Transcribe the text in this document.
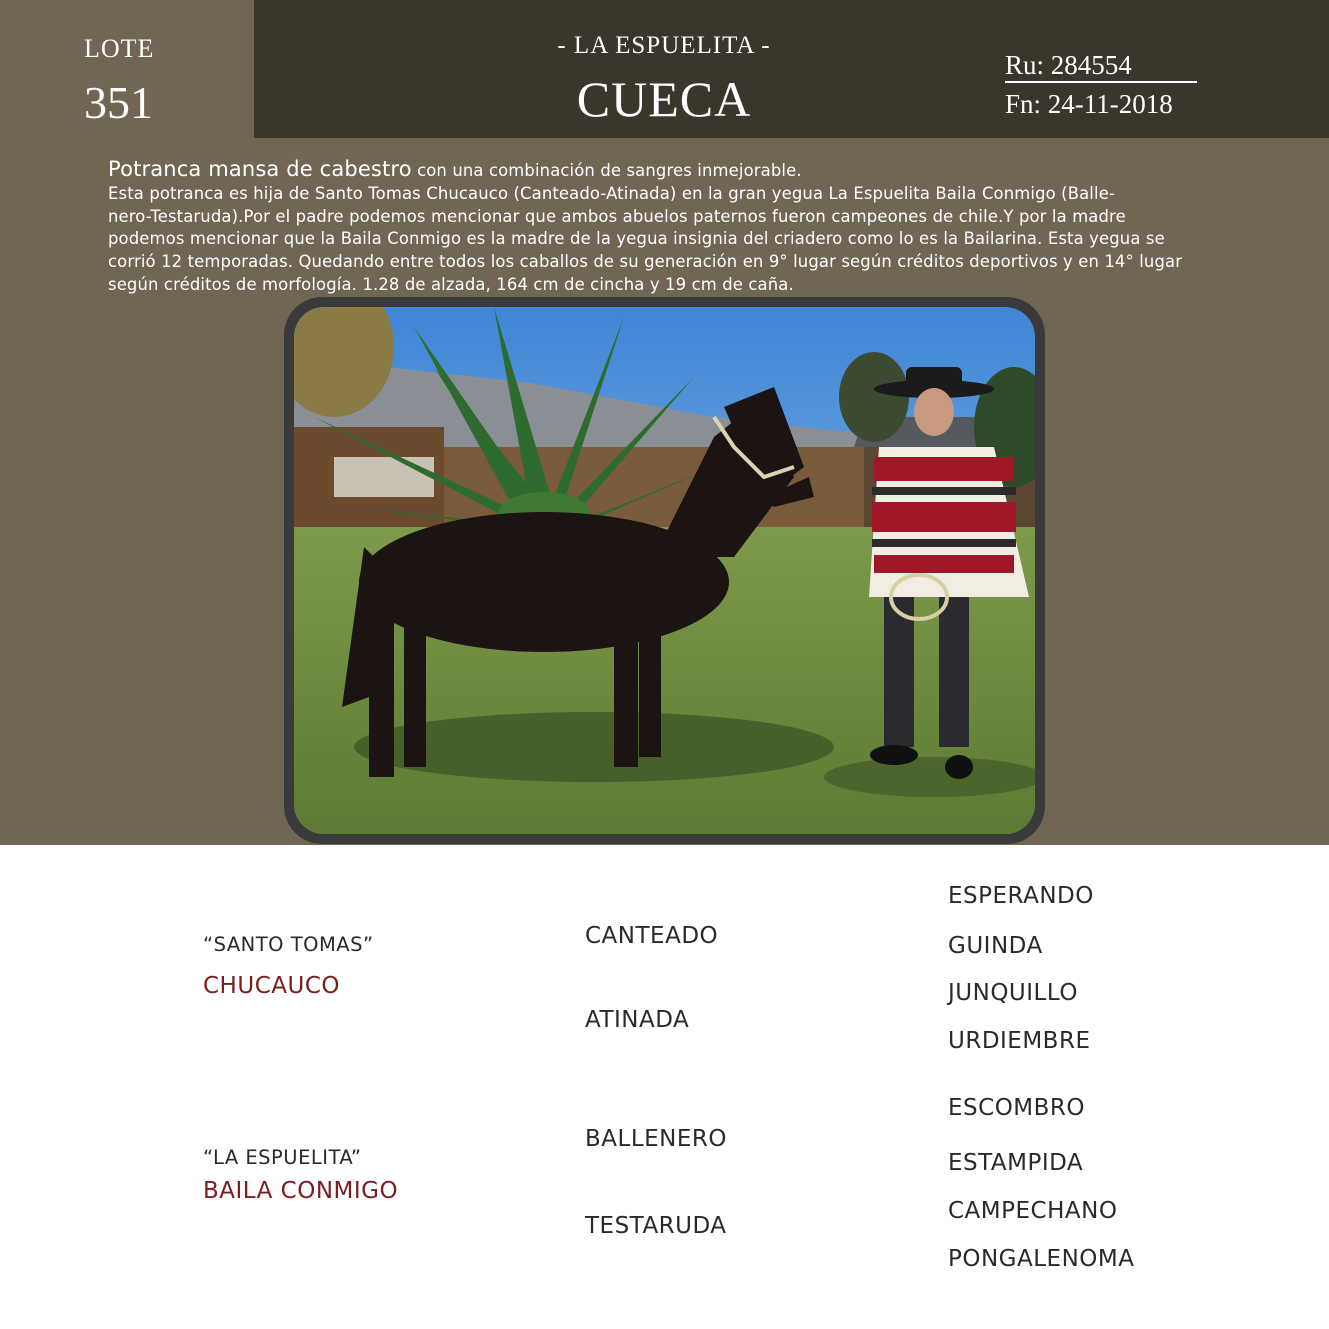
LOTE
351
- LA ESPUELITA -
CUECA
Ru: 284554
Fn: 24-11-2018
Potranca mansa de cabestro con una combinación de sangres inmejorable.
Esta potranca es hija de Santo Tomas Chucauco (Canteado-Atinada) en la gran yegua La Espuelita Baila Conmigo (Balle-
nero-Testaruda).Por el padre podemos mencionar que ambos abuelos paternos fueron campeones de chile.Y por la madre
podemos mencionar que la Baila Conmigo es la madre de la yegua insignia del criadero como lo es la Bailarina. Esta yegua se
corrió 12 temporadas. Quedando entre todos los caballos de su generación en 9° lugar según créditos deportivos y en 14° lugar
según créditos de morfología. 1.28 de alzada, 164 cm de cincha y 19 cm de caña.
“SANTO TOMAS”
CHUCAUCO
“LA ESPUELITA”
BAILA CONMIGO
CANTEADO
ATINADA
BALLENERO
TESTARUDA
ESPERANDO
GUINDA
JUNQUILLO
URDIEMBRE
ESCOMBRO
ESTAMPIDA
CAMPECHANO
PONGALENOMA
